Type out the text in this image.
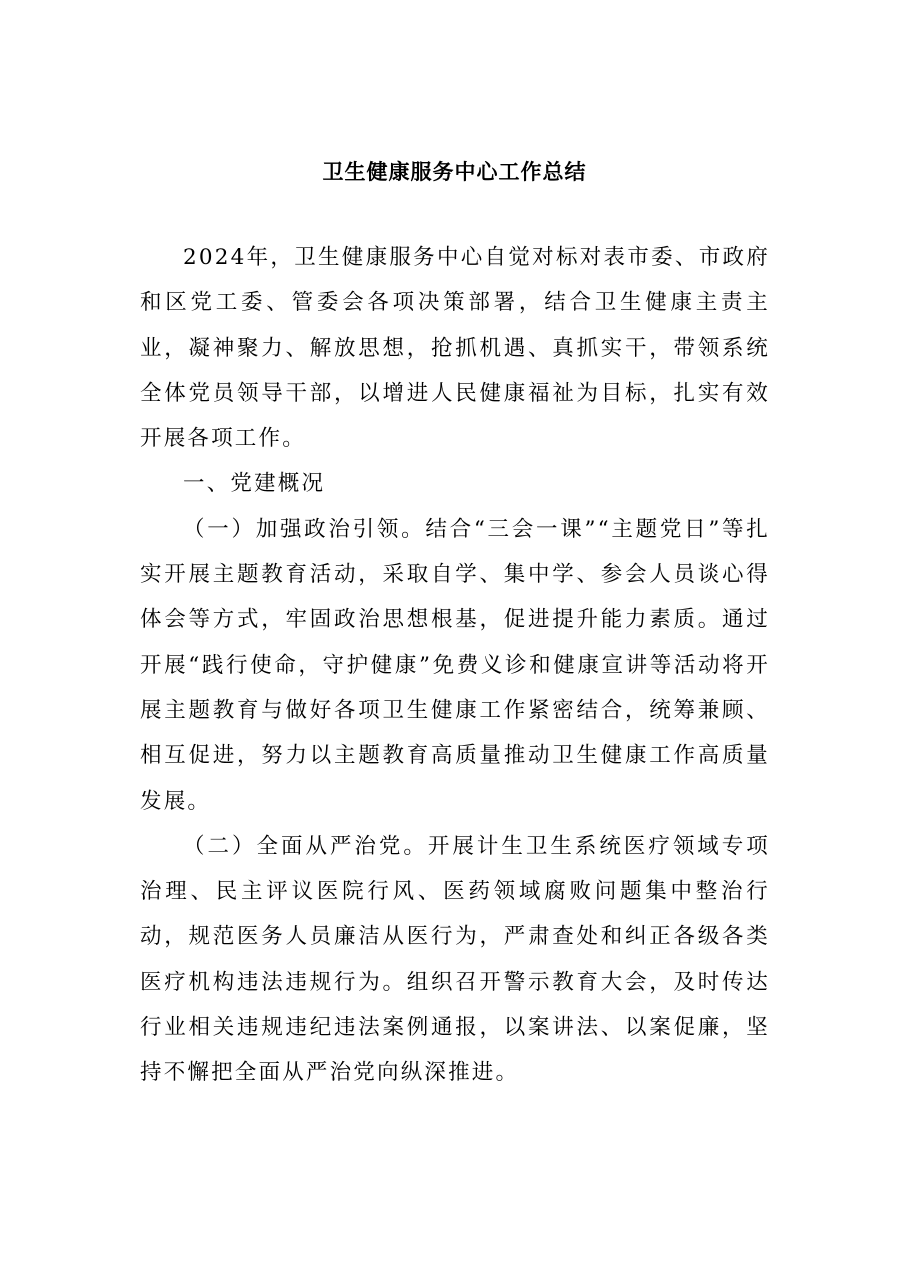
卫生健康服务中心工作总结

2024年，卫生健康服务中心自觉对标对表市委、市政府和区党工委、管委会各项决策部署，结合卫生健康主责主业，凝神聚力、解放思想，抢抓机遇、真抓实干，带领系统全体党员领导干部，以增进人民健康福祉为目标，扎实有效开展各项工作。

一、党建概况

（一）加强政治引领。结合“三会一课”“主题党日”等扎实开展主题教育活动，采取自学、集中学、参会人员谈心得体会等方式，牢固政治思想根基，促进提升能力素质。通过开展“践行使命，守护健康”免费义诊和健康宣讲等活动将开展主题教育与做好各项卫生健康工作紧密结合，统筹兼顾、相互促进，努力以主题教育高质量推动卫生健康工作高质量发展。

（二）全面从严治党。开展计生卫生系统医疗领域专项治理、民主评议医院行风、医药领域腐败问题集中整治行动，规范医务人员廉洁从医行为，严肃查处和纠正各级各类医疗机构违法违规行为。组织召开警示教育大会，及时传达行业相关违规违纪违法案例通报，以案讲法、以案促廉，坚持不懈把全面从严治党向纵深推进。
